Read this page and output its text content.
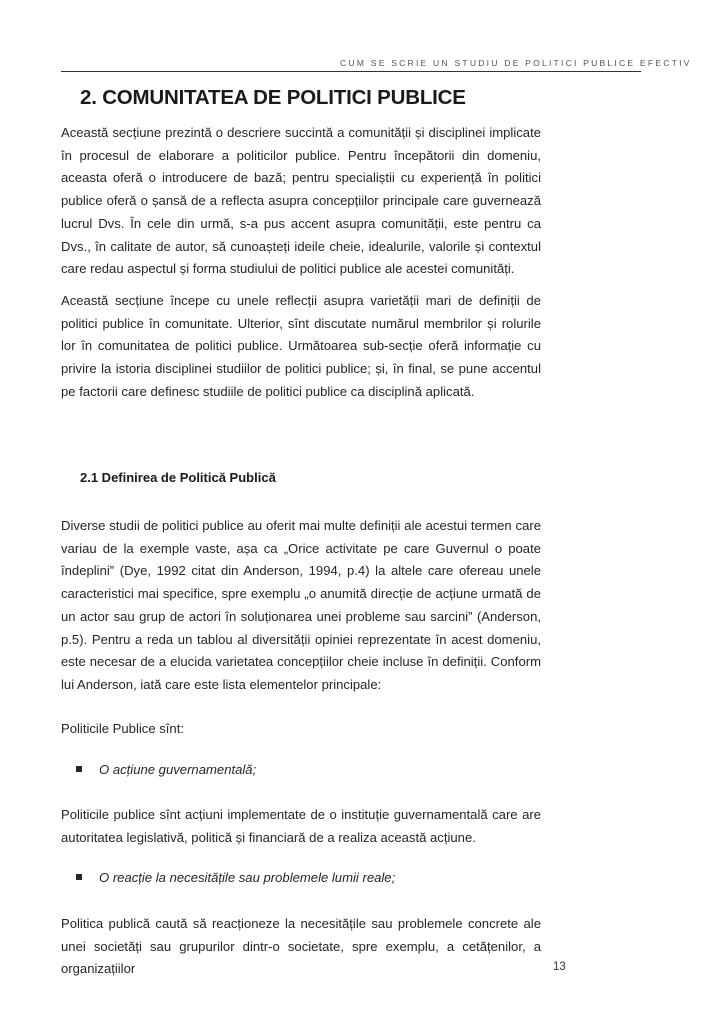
CUM SE SCRIE UN STUDIU DE POLITICI PUBLICE EFECTIV
2. COMUNITATEA DE POLITICI PUBLICE

Această secțiune prezintă o descriere succintă a comunității și disciplinei implicate în procesul de elaborare a politicilor publice. Pentru începătorii din domeniu, aceasta oferă o introducere de bază; pentru specialiștii cu experiență în politici publice oferă o șansă de a reflecta asupra concepțiilor principale care guvernează lucrul Dvs. În cele din urmă, s-a pus accent asupra comunității, este pentru ca Dvs., în calitate de autor, să cunoașteți ideile cheie, idealurile, valorile și contextul care redau aspectul și forma studiului de politici publice ale acestei comunități.

Această secțiune începe cu unele reflecții asupra varietății mari de definiții de politici publice în comunitate. Ulterior, sînt discutate numărul membrilor și rolurile lor în comunitatea de politici publice. Următoarea sub-secție oferă informație cu privire la istoria disciplinei studiilor de politici publice; și, în final, se pune accentul pe factorii care definesc studiile de politici publice ca disciplină aplicată.

2.1 Definirea de Politică Publică

Diverse studii de politici publice au oferit mai multe definiții ale acestui termen care variau de la exemple vaste, așa ca „Orice activitate pe care Guvernul o poate îndeplini” (Dye, 1992 citat din Anderson, 1994, p.4) la altele care ofereau unele caracteristici mai specifice, spre exemplu „o anumită direcție de acțiune urmată de un actor sau grup de actori în soluționarea unei probleme sau sarcini” (Anderson, p.5). Pentru a reda un tablou al diversității opiniei reprezentate în acest domeniu, este necesar de a elucida varietatea concepțiilor cheie incluse în definiții. Conform lui Anderson, iată care este lista elementelor principale:

Politicile Publice sînt:

O acțiune guvernamentală;

Politicile publice sînt acțiuni implementate de o instituție guvernamentală care are autoritatea legislativă, politică și financiară de a realiza această acțiune.

O reacție la necesitățile sau problemele lumii reale;

Politica publică caută să reacționeze la necesitățile sau problemele concrete ale unei societăți sau grupurilor dintr-o societate, spre exemplu, a cetățenilor, a organizațiilor	13
